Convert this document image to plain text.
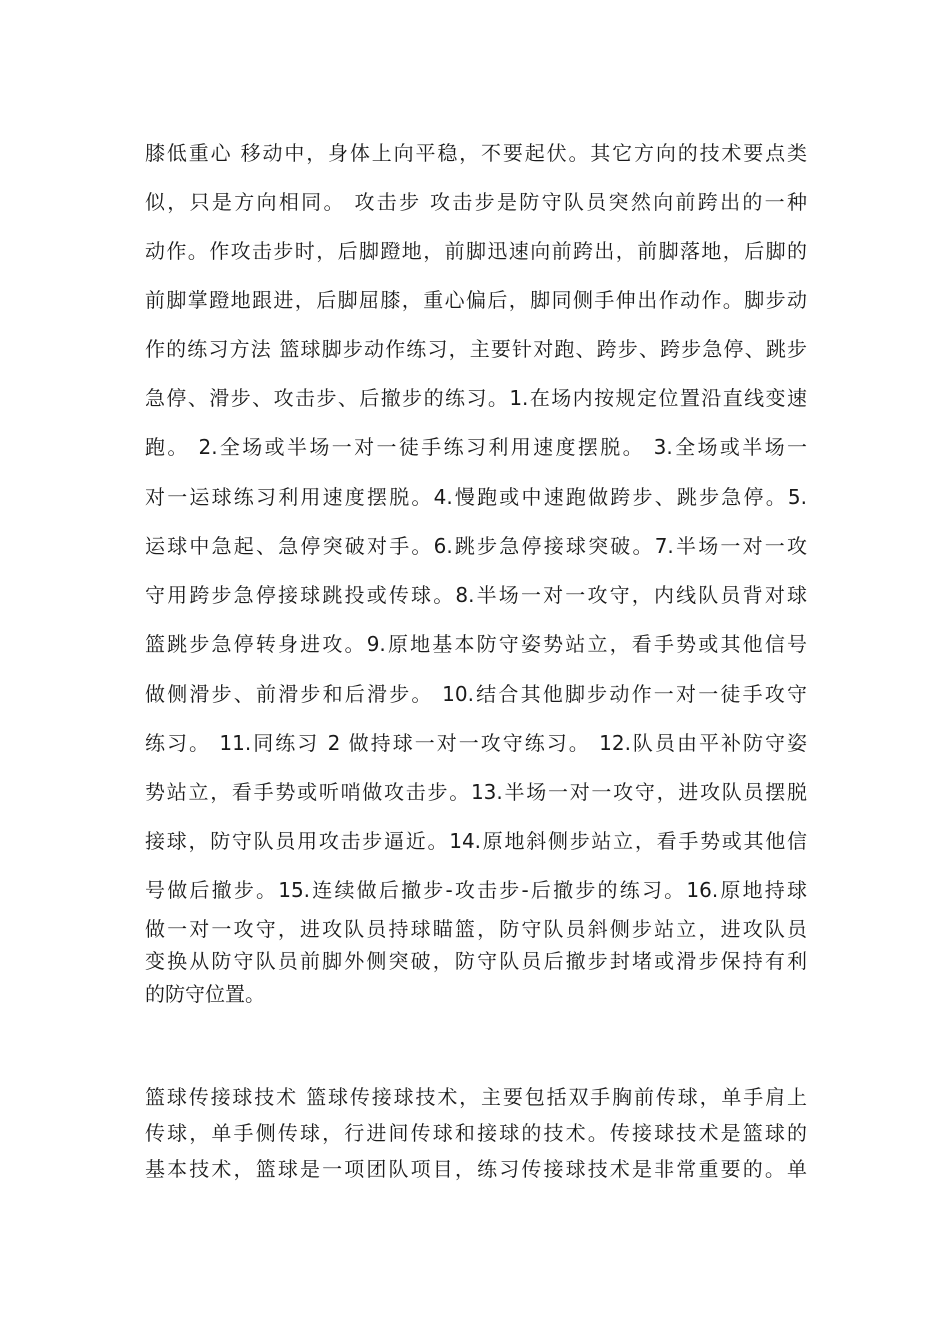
膝低重心 移动中，身体上向平稳，不要起伏。其它方向的技术要点类
似，只是方向相同。 攻击步 攻击步是防守队员突然向前跨出的一种
动作。作攻击步时，后脚蹬地，前脚迅速向前跨出，前脚落地，后脚的
前脚掌蹬地跟进，后脚屈膝，重心偏后，脚同侧手伸出作动作。脚步动
作的练习方法 篮球脚步动作练习，主要针对跑、跨步、跨步急停、跳步
急停、滑步、攻击步、后撤步的练习。1.在场内按规定位置沿直线变速
跑。 2.全场或半场一对一徒手练习利用速度摆脱。 3.全场或半场一
对一运球练习利用速度摆脱。4.慢跑或中速跑做跨步、跳步急停。5.
运球中急起、急停突破对手。6.跳步急停接球突破。7.半场一对一攻
守用跨步急停接球跳投或传球。8.半场一对一攻守，内线队员背对球
篮跳步急停转身进攻。9.原地基本防守姿势站立，看手势或其他信号
做侧滑步、前滑步和后滑步。 10.结合其他脚步动作一对一徒手攻守
练习。 11.同练习 2 做持球一对一攻守练习。 12.队员由平补防守姿
势站立，看手势或听哨做攻击步。13.半场一对一攻守，进攻队员摆脱
接球，防守队员用攻击步逼近。14.原地斜侧步站立，看手势或其他信
号做后撤步。15.连续做后撤步-攻击步-后撤步的练习。16.原地持球
做一对一攻守，进攻队员持球瞄篮，防守队员斜侧步站立，进攻队员
变换从防守队员前脚外侧突破，防守队员后撤步封堵或滑步保持有利
的防守位置。
篮球传接球技术 篮球传接球技术，主要包括双手胸前传球，单手肩上
传球，单手侧传球，行进间传球和接球的技术。传接球技术是篮球的
基本技术，篮球是一项团队项目，练习传接球技术是非常重要的。单
